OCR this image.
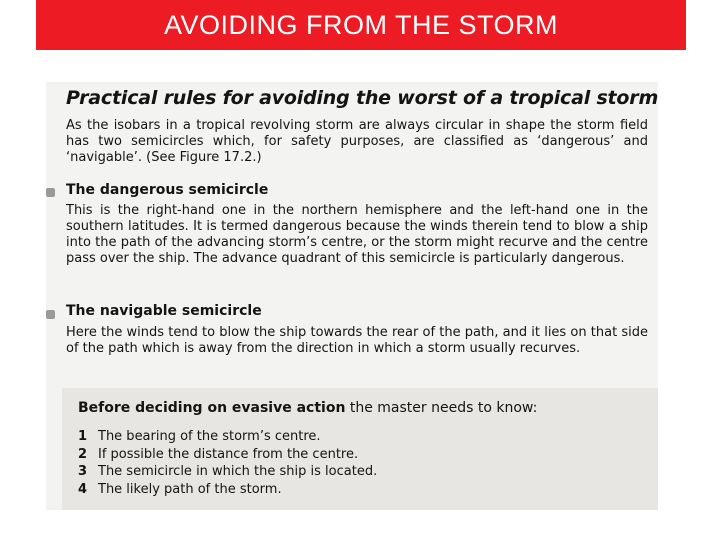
AVOIDING FROM THE STORM
Practical rules for avoiding the worst of a tropical storm
As the isobars in a tropical revolving storm are always circular in shape the storm field has two semicircles which, for safety purposes, are classified as ‘dangerous’ and ‘navigable’. (See Figure 17.2.)
The dangerous semicircle
This is the right-hand one in the northern hemisphere and the left-hand one in the southern latitudes. It is termed dangerous because the winds therein tend to blow a ship into the path of the advancing storm’s centre, or the storm might recurve and the centre pass over the ship. The advance quadrant of this semicircle is particularly dangerous.
The navigable semicircle
Here the winds tend to blow the ship towards the rear of the path, and it lies on that side of the path which is away from the direction in which a storm usually recurves.
Before deciding on evasive action the master needs to know:
1 The bearing of the storm’s centre.
2 If possible the distance from the centre.
3 The semicircle in which the ship is located.
4 The likely path of the storm.
